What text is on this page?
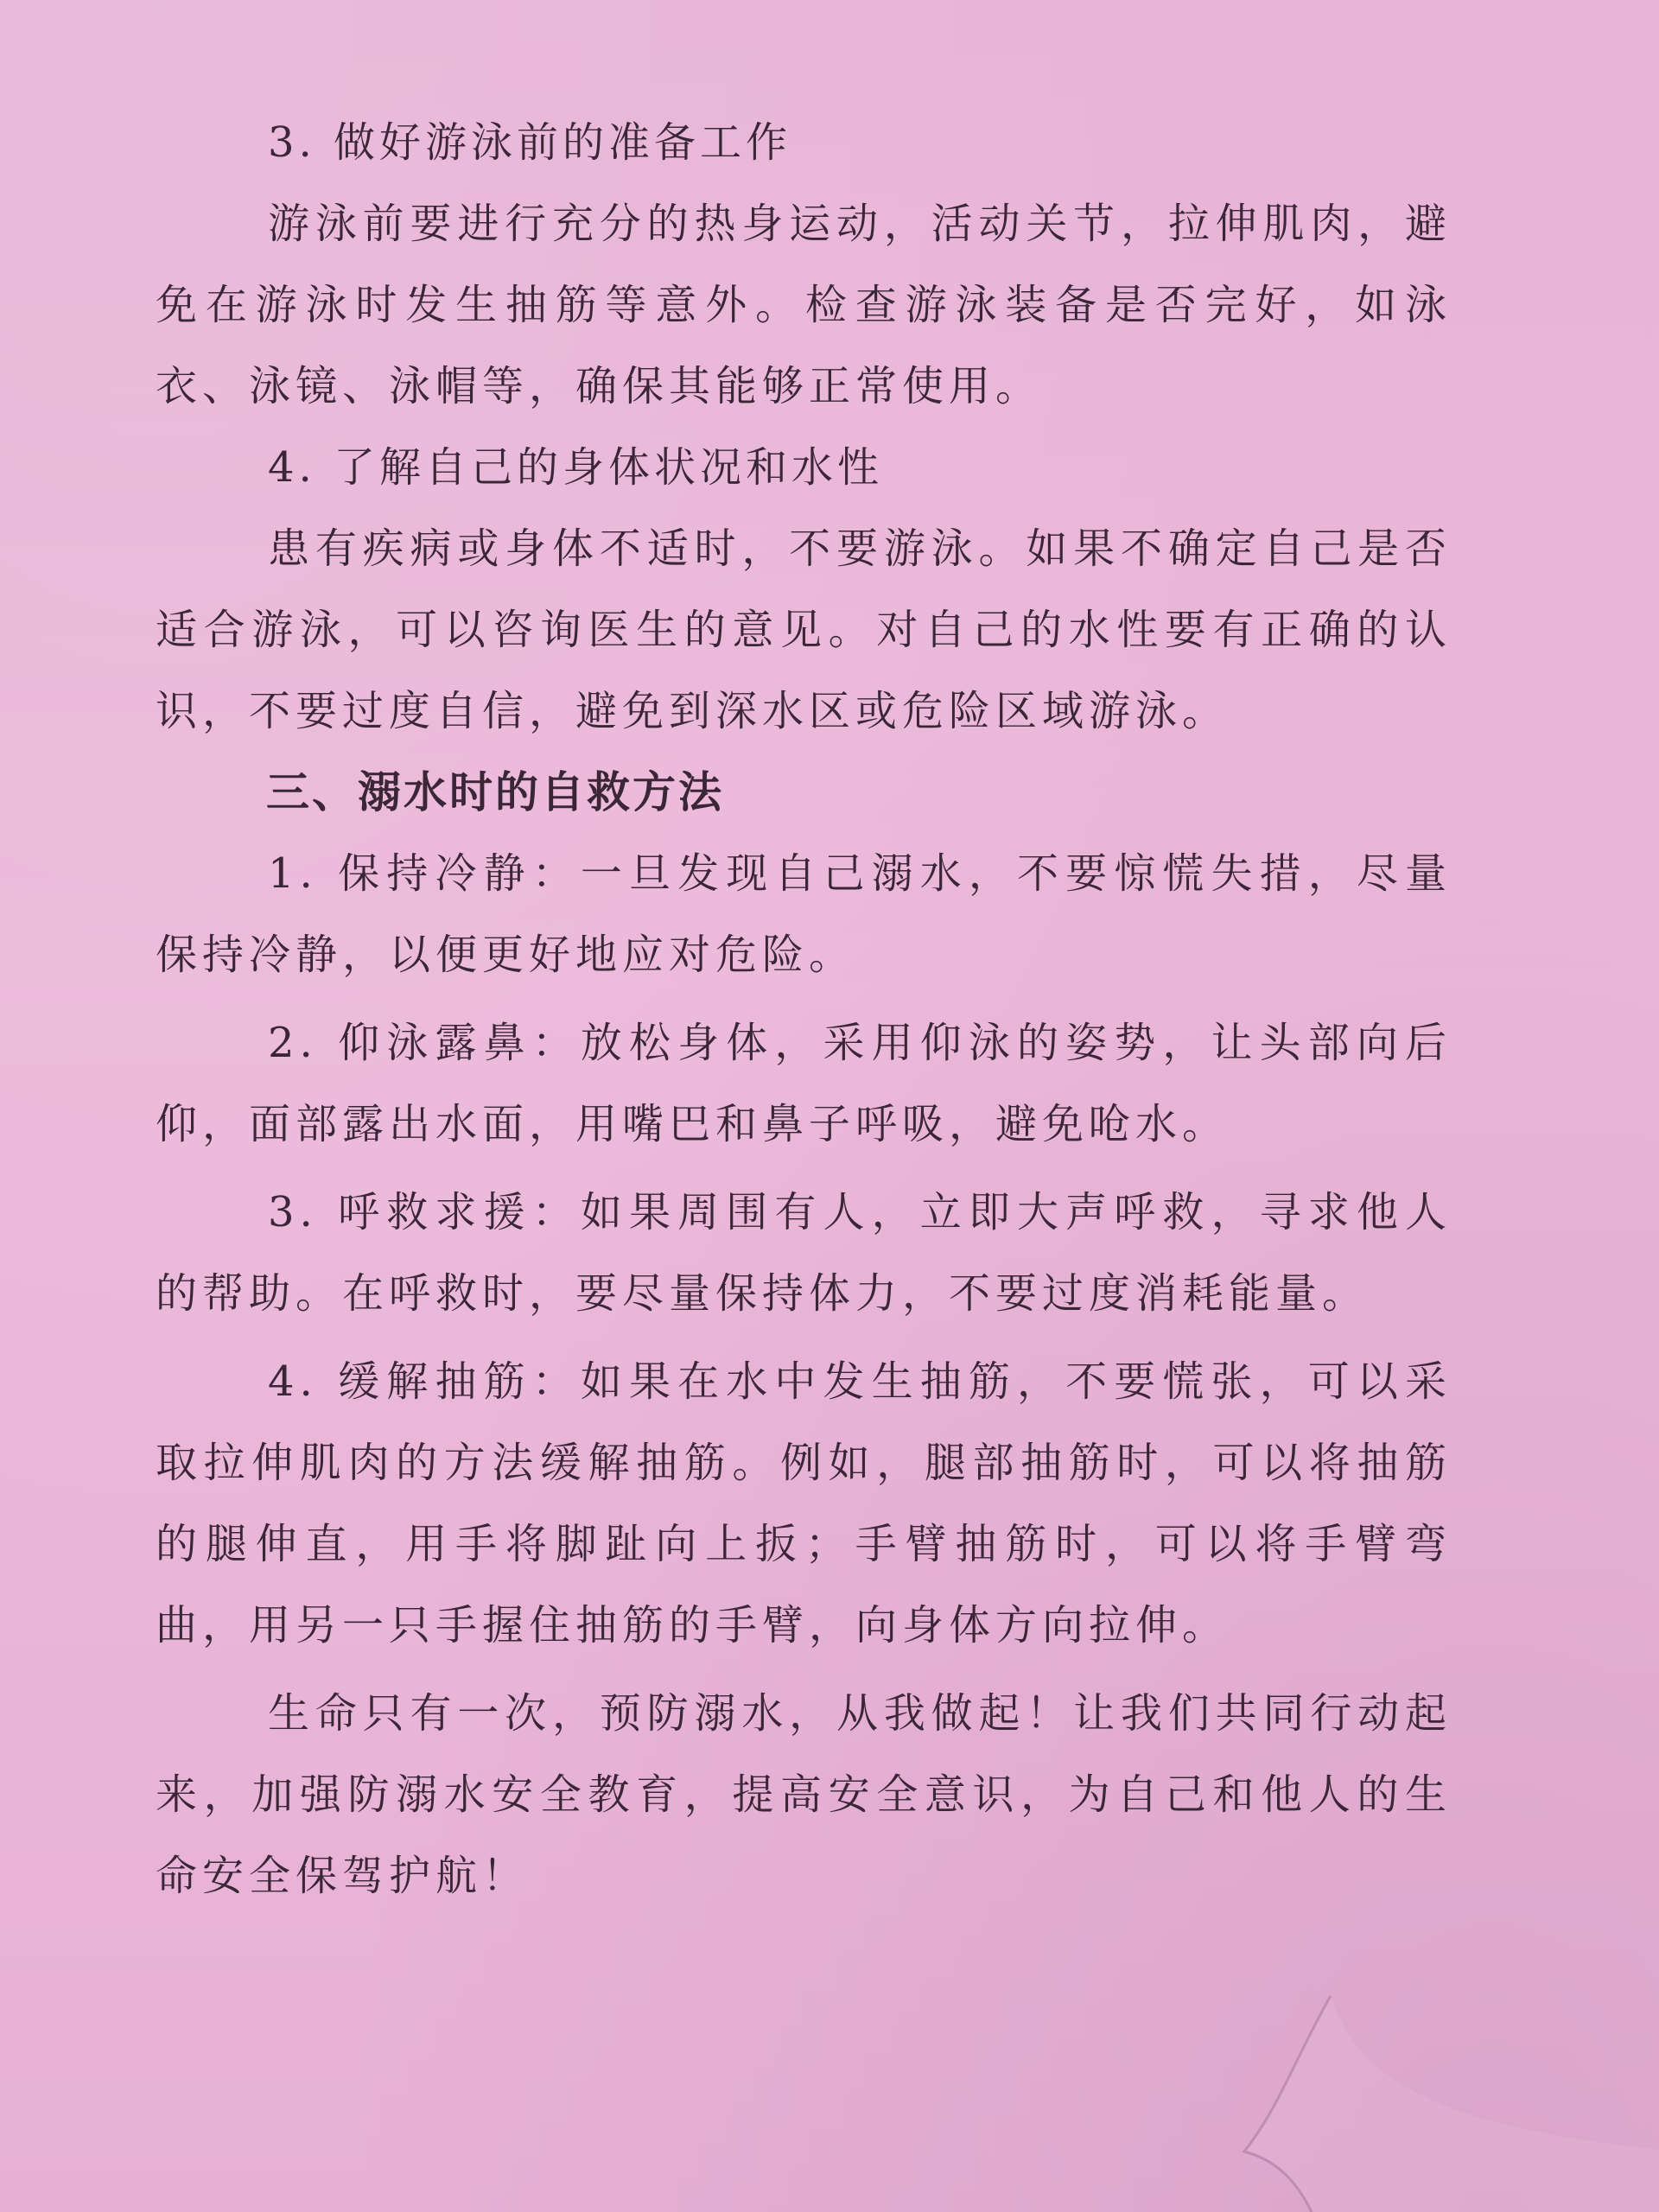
3. 做好游泳前的准备工作

游泳前要进行充分的热身运动，活动关节，拉伸肌肉，避免在游泳时发生抽筋等意外。检查游泳装备是否完好，如泳衣、泳镜、泳帽等，确保其能够正常使用。

4. 了解自己的身体状况和水性

患有疾病或身体不适时，不要游泳。如果不确定自己是否适合游泳，可以咨询医生的意见。对自己的水性要有正确的认识，不要过度自信，避免到深水区或危险区域游泳。

三、溺水时的自救方法

1. 保持冷静：一旦发现自己溺水，不要惊慌失措，尽量保持冷静，以便更好地应对危险。

2. 仰泳露鼻：放松身体，采用仰泳的姿势，让头部向后仰，面部露出水面，用嘴巴和鼻子呼吸，避免呛水。

3. 呼救求援：如果周围有人，立即大声呼救，寻求他人的帮助。在呼救时，要尽量保持体力，不要过度消耗能量。

4. 缓解抽筋：如果在水中发生抽筋，不要慌张，可以采取拉伸肌肉的方法缓解抽筋。例如，腿部抽筋时，可以将抽筋的腿伸直，用手将脚趾向上扳；手臂抽筋时，可以将手臂弯曲，用另一只手握住抽筋的手臂，向身体方向拉伸。

生命只有一次，预防溺水，从我做起！让我们共同行动起来，加强防溺水安全教育，提高安全意识，为自己和他人的生命安全保驾护航！
